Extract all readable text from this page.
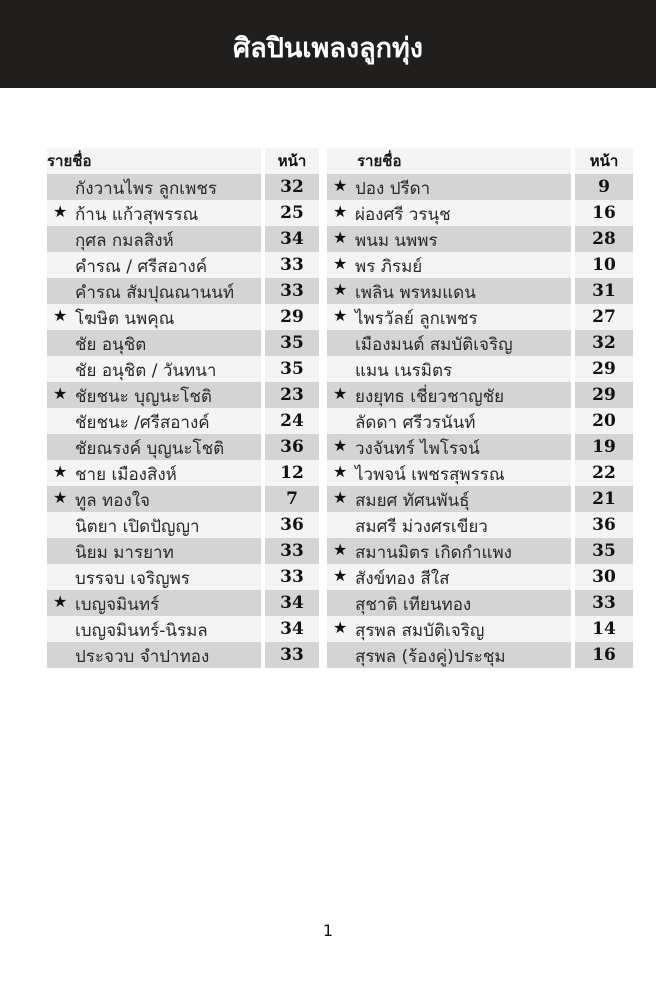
ศิลปินเพลงลูกทุ่ง
รายชื่อ		หน้า

กังวานไพร ลูกเพชร		32

★ ก้าน แก้วสุพรรณ		25

กุศล กมลสิงห์		34

คำรณ / ศรีสอางค์		33

คำรณ สัมปุณณานนท์		33

★ โฆษิต นพคุณ		29

ชัย อนุชิต		35

ชัย อนุชิต / วันทนา		35

★ ชัยชนะ บุญนะโชติ		23

ชัยชนะ /ศรีสอางค์		24

ชัยณรงค์ บุญนะโชติ		36

★ ชาย เมืองสิงห์		12

★ ทูล ทองใจ		7

นิตยา เปิดปัญญา		36

นิยม มารยาท		33

บรรจบ เจริญพร		33

★ เบญจมินทร์		34

เบญจมินทร์-นิรมล		34

ประจวบ จำปาทอง		33
รายชื่อ		หน้า

★ ปอง ปรีดา		9

★ ผ่องศรี วรนุช		16

★ พนม นพพร		28

★ พร ภิรมย์		10

★ เพลิน พรหมแดน		31

★ ไพรวัลย์ ลูกเพชร		27

เมืองมนต์ สมบัติเจริญ		32

แมน เนรมิตร		29

★ ยงยุทธ เชี่ยวชาญชัย		29

ลัดดา ศรีวรนันท์		20

★ วงจันทร์ ไพโรจน์		19

★ ไวพจน์ เพชรสุพรรณ		22

★ สมยศ ทัศนพันธุ์		21

สมศรี ม่วงศรเขียว		36

★ สมานมิตร เกิดกำแพง		35

★ สังข์ทอง สีใส		30

สุชาติ เทียนทอง		33

★ สุรพล สมบัติเจริญ		14

สุรพล (ร้องคู่)ประชุม		16
1
